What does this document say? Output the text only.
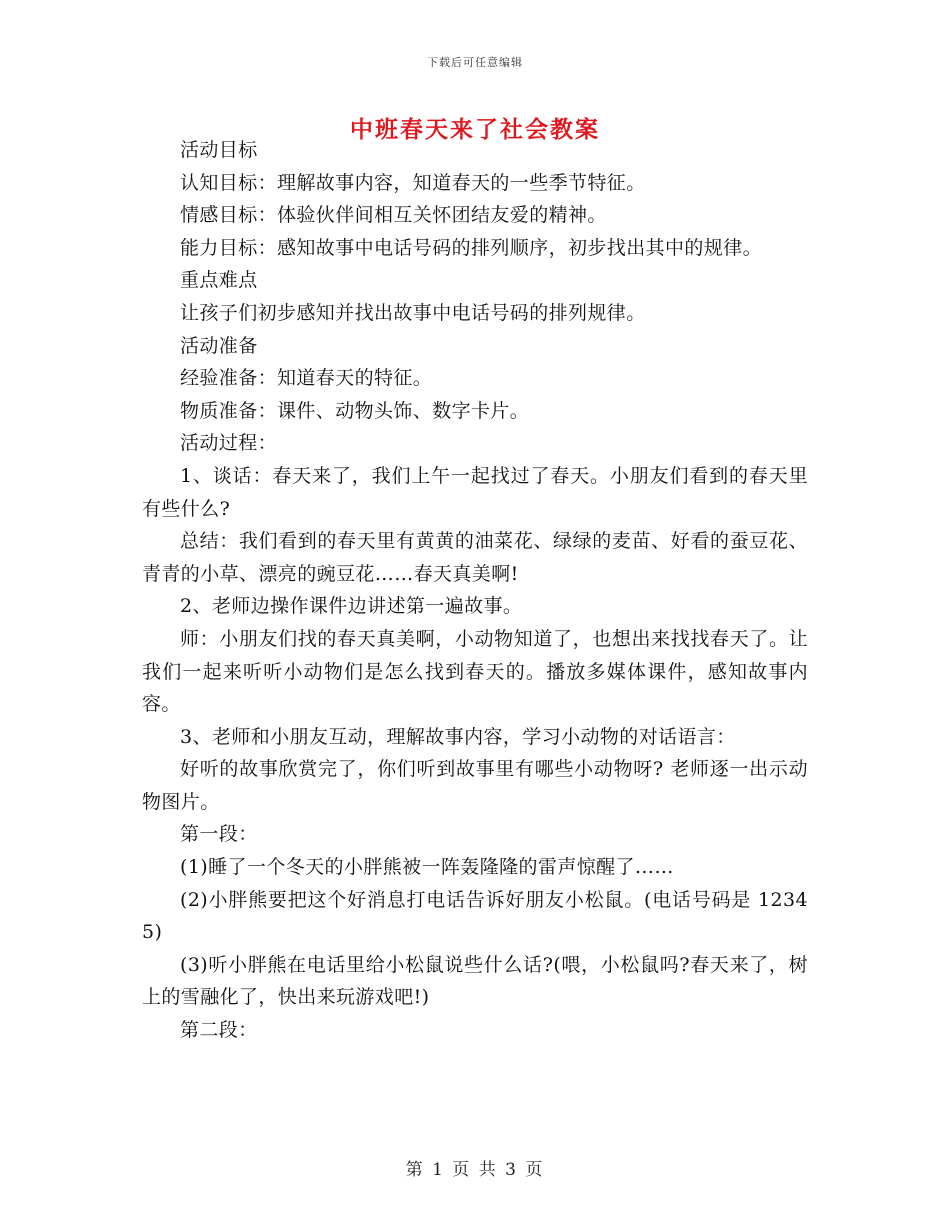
下载后可任意编辑
中班春天来了社会教案

活动目标

认知目标：理解故事内容，知道春天的一些季节特征。

情感目标：体验伙伴间相互关怀团结友爱的精神。

能力目标：感知故事中电话号码的排列顺序，初步找出其中的规律。

重点难点

让孩子们初步感知并找出故事中电话号码的排列规律。

活动准备

经验准备：知道春天的特征。

物质准备：课件、动物头饰、数字卡片。

活动过程：

1、谈话：春天来了，我们上午一起找过了春天。小朋友们看到的春天里有些什么?

总结：我们看到的春天里有黄黄的油菜花、绿绿的麦苗、好看的蚕豆花、青青的小草、漂亮的豌豆花……春天真美啊!

2、老师边操作课件边讲述第一遍故事。

师：小朋友们找的春天真美啊，小动物知道了，也想出来找找春天了。让我们一起来听听小动物们是怎么找到春天的。播放多媒体课件，感知故事内容。

3、老师和小朋友互动，理解故事内容，学习小动物的对话语言：

好听的故事欣赏完了，你们听到故事里有哪些小动物呀? 老师逐一出示动物图片。

第一段：

(1)睡了一个冬天的小胖熊被一阵轰隆隆的雷声惊醒了……

(2)小胖熊要把这个好消息打电话告诉好朋友小松鼠。(电话号码是 12345)

(3)听小胖熊在电话里给小松鼠说些什么话?(喂，小松鼠吗?春天来了，树上的雪融化了，快出来玩游戏吧!)

第二段：

第 1 页 共 3 页
